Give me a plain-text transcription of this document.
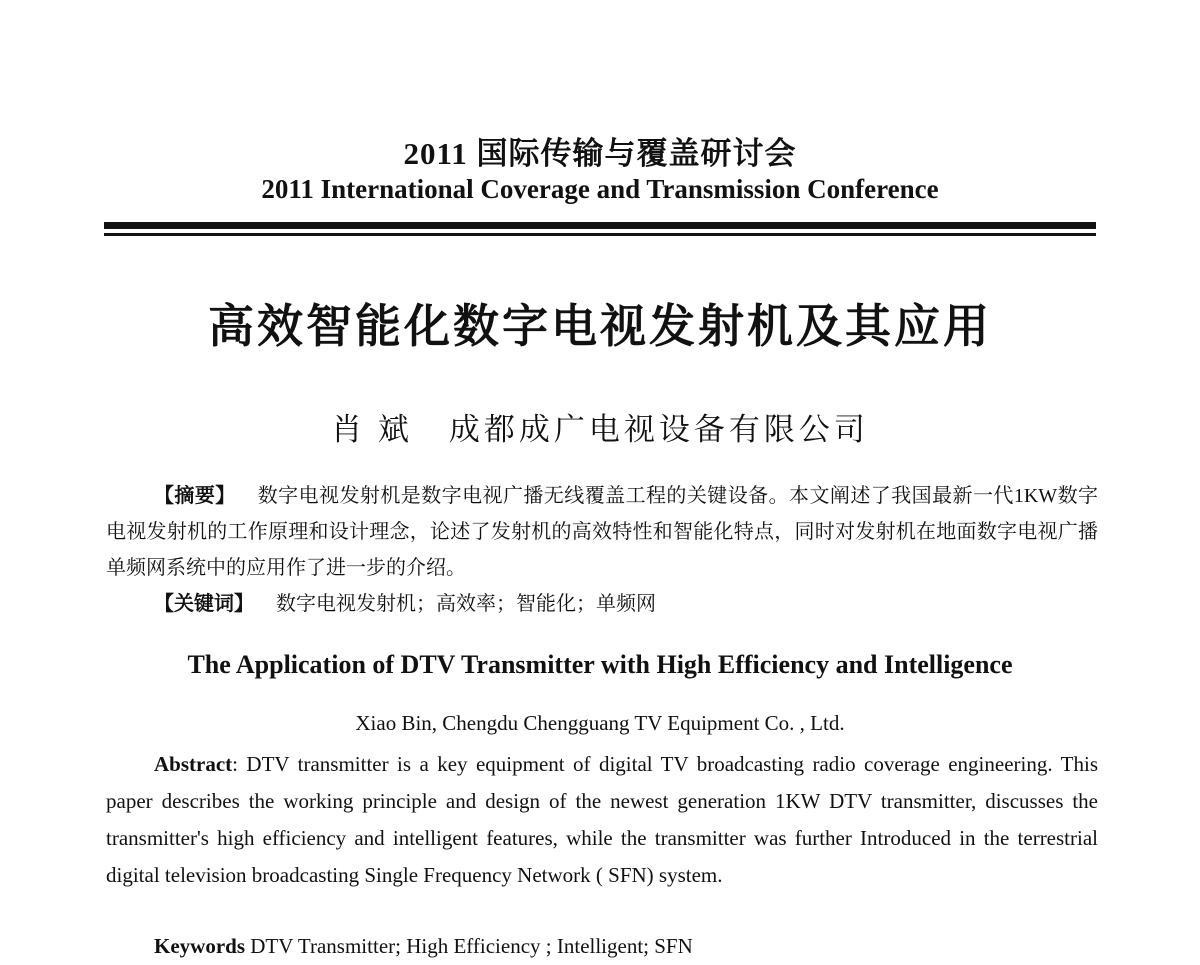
2011 国际传输与覆盖研讨会
2011 International Coverage and Transmission Conference
高效智能化数字电视发射机及其应用
肖 斌 成都成广电视设备有限公司
【摘要】 数字电视发射机是数字电视广播无线覆盖工程的关键设备。本文阐述了我国最新一代1KW数字电视发射机的工作原理和设计理念，论述了发射机的高效特性和智能化特点，同时对发射机在地面数字电视广播单频网系统中的应用作了进一步的介绍。
【关键词】 数字电视发射机；高效率；智能化；单频网
The Application of DTV Transmitter with High Efficiency and Intelligence
Xiao Bin, Chengdu Chengguang TV Equipment Co. , Ltd.
Abstract: DTV transmitter is a key equipment of digital TV broadcasting radio coverage engineering. This paper describes the working principle and design of the newest generation 1KW DTV transmitter, discusses the transmitter's high efficiency and intelligent features, while the transmitter was further Introduced in the terrestrial digital television broadcasting Single Frequency Network ( SFN) system.
Keywords DTV Transmitter; High Efficiency ; Intelligent; SFN
